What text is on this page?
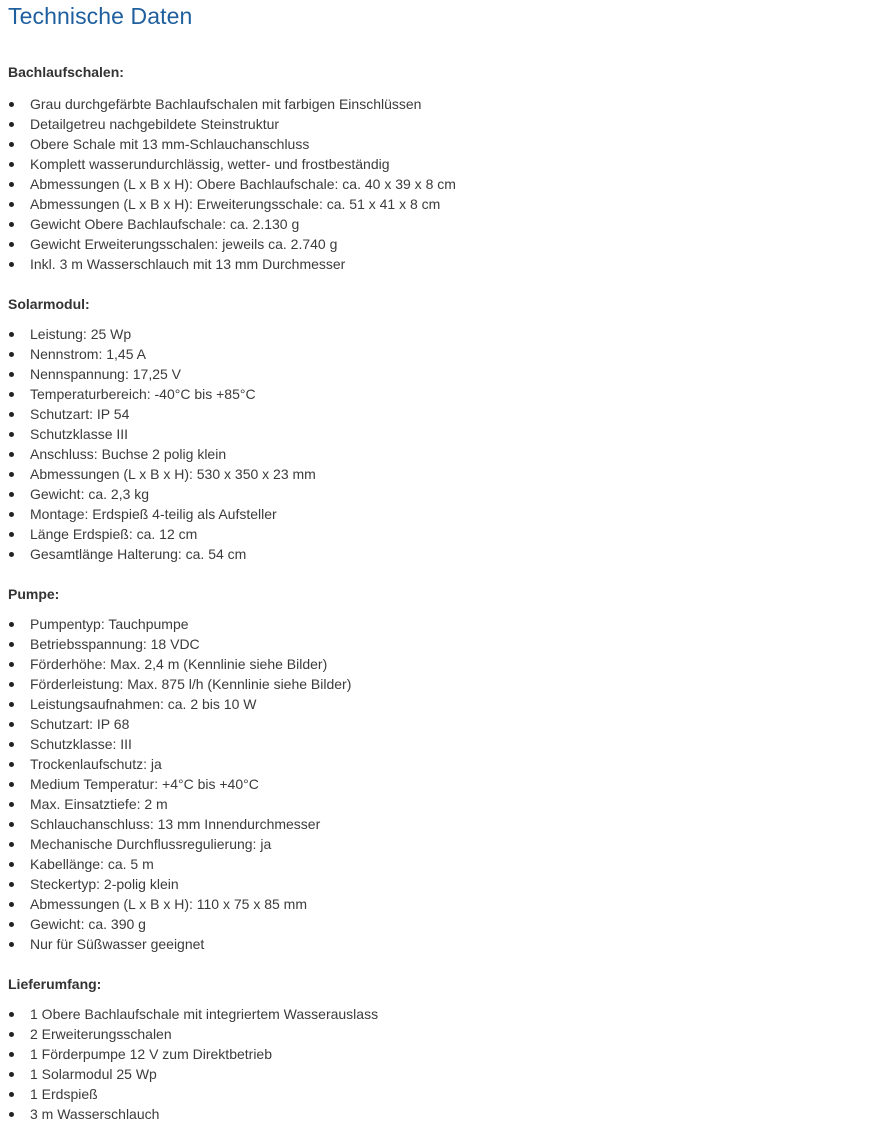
Technische Daten

Bachlaufschalen:

Grau durchgefärbte Bachlaufschalen mit farbigen Einschlüssen
Detailgetreu nachgebildete Steinstruktur
Obere Schale mit 13 mm-Schlauchanschluss
Komplett wasserundurchlässig, wetter- und frostbeständig
Abmessungen (L x B x H): Obere Bachlaufschale: ca. 40 x 39 x 8 cm
Abmessungen (L x B x H): Erweiterungsschale: ca. 51 x 41 x 8 cm
Gewicht Obere Bachlaufschale: ca. 2.130 g
Gewicht Erweiterungsschalen: jeweils ca. 2.740 g
Inkl. 3 m Wasserschlauch mit 13 mm Durchmesser

Solarmodul:

Leistung: 25 Wp
Nennstrom: 1,45 A
Nennspannung: 17,25 V
Temperaturbereich: -40°C bis +85°C
Schutzart: IP 54
Schutzklasse III
Anschluss: Buchse 2 polig klein
Abmessungen (L x B x H): 530 x 350 x 23 mm
Gewicht: ca. 2,3 kg
Montage: Erdspieß 4-teilig als Aufsteller
Länge Erdspieß: ca. 12 cm
Gesamtlänge Halterung: ca. 54 cm

Pumpe:

Pumpentyp: Tauchpumpe
Betriebsspannung: 18 VDC
Förderhöhe: Max. 2,4 m (Kennlinie siehe Bilder)
Förderleistung: Max. 875 l/h (Kennlinie siehe Bilder)
Leistungsaufnahmen: ca. 2 bis 10 W
Schutzart: IP 68
Schutzklasse: III
Trockenlaufschutz: ja
Medium Temperatur: +4°C bis +40°C
Max. Einsatztiefe: 2 m
Schlauchanschluss: 13 mm Innendurchmesser
Mechanische Durchflussregulierung: ja
Kabellänge: ca. 5 m
Steckertyp: 2-polig klein
Abmessungen (L x B x H): 110 x 75 x 85 mm
Gewicht: ca. 390 g
Nur für Süßwasser geeignet

Lieferumfang:

1 Obere Bachlaufschale mit integriertem Wasserauslass
2 Erweiterungsschalen
1 Förderpumpe 12 V zum Direktbetrieb
1 Solarmodul 25 Wp
1 Erdspieß
3 m Wasserschlauch
